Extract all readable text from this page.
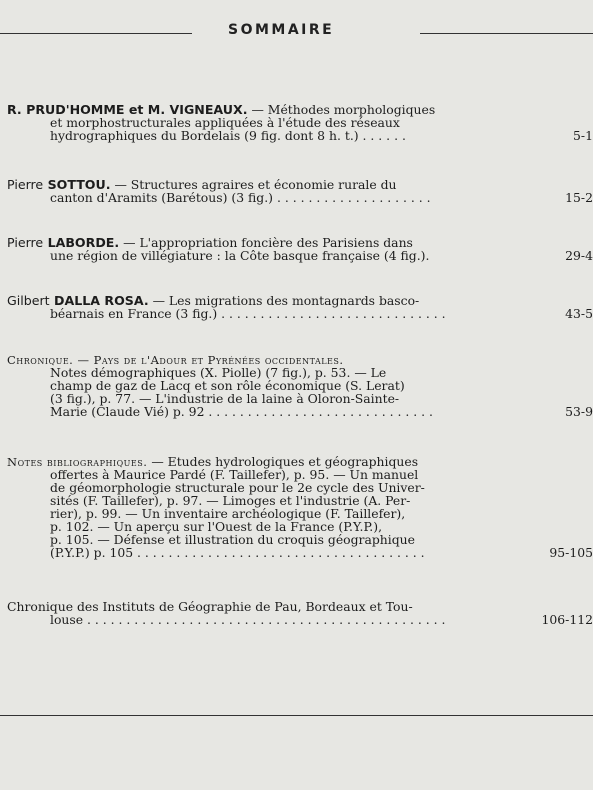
SOMMAIRE
R. PRUD'HOMME et M. VIGNEAUX. — Méthodes morphologiques
et morphostructurales appliquées à l'étude des réseaux
hydrographiques du Bordelais (9 fig. dont 8 h. t.) . . . . . .	5-1
Pierre SOTTOU. — Structures agraires et économie rurale du
canton d'Aramits (Barétous) (3 fig.) . . . . . . . . . . . . . . . . . . . .	15-2
Pierre LABORDE. — L'appropriation foncière des Parisiens dans
une région de villégiature : la Côte basque française (4 fig.).	29-4
Gilbert DALLA ROSA. — Les migrations des montagnards basco-
béarnais en France (3 fig.) . . . . . . . . . . . . . . . . . . . . . . . . . . . . .	43-5
Chronique. — Pays de l'Adour et Pyrénées occidentales.
Notes démographiques (X. Piolle) (7 fig.), p. 53. — Le
champ de gaz de Lacq et son rôle économique (S. Lerat)
(3 fig.), p. 77. — L'industrie de la laine à Oloron-Sainte-
Marie (Claude Vié) p. 92 . . . . . . . . . . . . . . . . . . . . . . . . . . . . .	53-9
Notes bibliographiques. — Etudes hydrologiques et géographiques
offertes à Maurice Pardé (F. Taillefer), p. 95. — Un manuel
de géomorphologie structurale pour le 2e cycle des Univer-
sités (F. Taillefer), p. 97. — Limoges et l'industrie (A. Per-
rier), p. 99. — Un inventaire archéologique (F. Taillefer),
p. 102. — Un aperçu sur l'Ouest de la France (P.Y.P.),
p. 105. — Défense et illustration du croquis géographique
(P.Y.P.) p. 105 . . . . . . . . . . . . . . . . . . . . . . . . . . . . . . . . . . . . .	95-105
Chronique des Instituts de Géographie de Pau, Bordeaux et Tou-
louse . . . . . . . . . . . . . . . . . . . . . . . . . . . . . . . . . . . . . . . . . . . . . .	106-112
